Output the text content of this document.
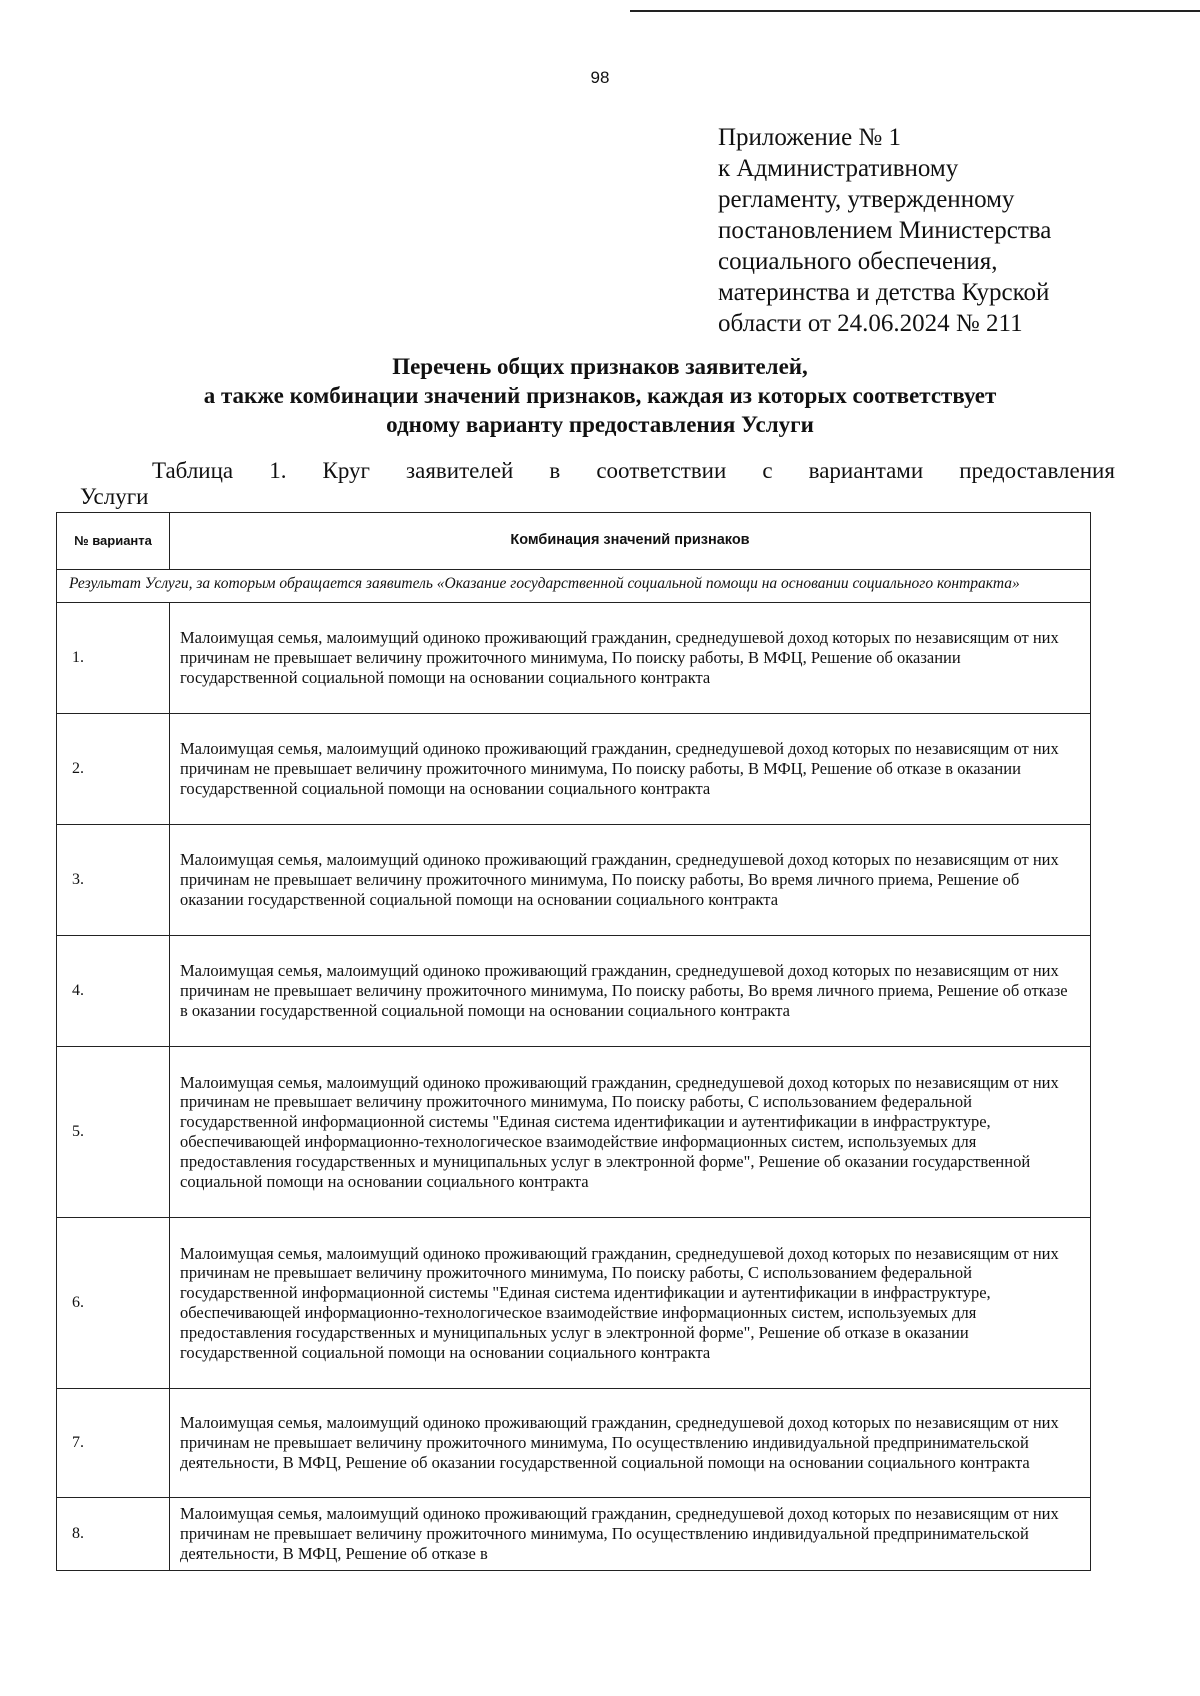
98
Приложение № 1
к Административному
регламенту, утвержденному
постановлением Министерства
социального обеспечения,
материнства и детства Курской
области от 24.06.2024 № 211
Перечень общих признаков заявителей,
а также комбинации значений признаков, каждая из которых соответствует
одному варианту предоставления Услуги
Таблица 1. Круг заявителей в соответствии с вариантами предоставления
Услуги
№ варианта	Комбинация значений признаков
Результат Услуги, за которым обращается заявитель «Оказание государственной социальной помощи на основании социального контракта»	
1.	Малоимущая семья, малоимущий одиноко проживающий гражданин, среднедушевой доход которых по независящим от них причинам не превышает величину прожиточного минимума, По поиску работы, В МФЦ, Решение об оказании государственной социальной помощи на основании социального контракта
2.	Малоимущая семья, малоимущий одиноко проживающий гражданин, среднедушевой доход которых по независящим от них причинам не превышает величину прожиточного минимума, По поиску работы, В МФЦ, Решение об отказе в оказании государственной социальной помощи на основании социального контракта
3.	Малоимущая семья, малоимущий одиноко проживающий гражданин, среднедушевой доход которых по независящим от них причинам не превышает величину прожиточного минимума, По поиску работы, Во время личного приема, Решение об оказании государственной социальной помощи на основании социального контракта
4.	Малоимущая семья, малоимущий одиноко проживающий гражданин, среднедушевой доход которых по независящим от них причинам не превышает величину прожиточного минимума, По поиску работы, Во время личного приема, Решение об отказе в оказании государственной социальной помощи на основании социального контракта
5.	Малоимущая семья, малоимущий одиноко проживающий гражданин, среднедушевой доход которых по независящим от них причинам не превышает величину прожиточного минимума, По поиску работы, С использованием федеральной государственной информационной системы "Единая система идентификации и аутентификации в инфраструктуре, обеспечивающей информационно-технологическое взаимодействие информационных систем, используемых для предоставления государственных и муниципальных услуг в электронной форме", Решение об оказании государственной социальной помощи на основании социального контракта
6.	Малоимущая семья, малоимущий одиноко проживающий гражданин, среднедушевой доход которых по независящим от них причинам не превышает величину прожиточного минимума, По поиску работы, С использованием федеральной государственной информационной системы "Единая система идентификации и аутентификации в инфраструктуре, обеспечивающей информационно-технологическое взаимодействие информационных систем, используемых для предоставления государственных и муниципальных услуг в электронной форме", Решение об отказе в оказании государственной социальной помощи на основании социального контракта
7.	Малоимущая семья, малоимущий одиноко проживающий гражданин, среднедушевой доход которых по независящим от них причинам не превышает величину прожиточного минимума, По осуществлению индивидуальной предпринимательской деятельности, В МФЦ, Решение об оказании государственной социальной помощи на основании социального контракта
8.	Малоимущая семья, малоимущий одиноко проживающий гражданин, среднедушевой доход которых по независящим от них причинам не превышает величину прожиточного минимума, По осуществлению индивидуальной предпринимательской деятельности, В МФЦ, Решение об отказе в
